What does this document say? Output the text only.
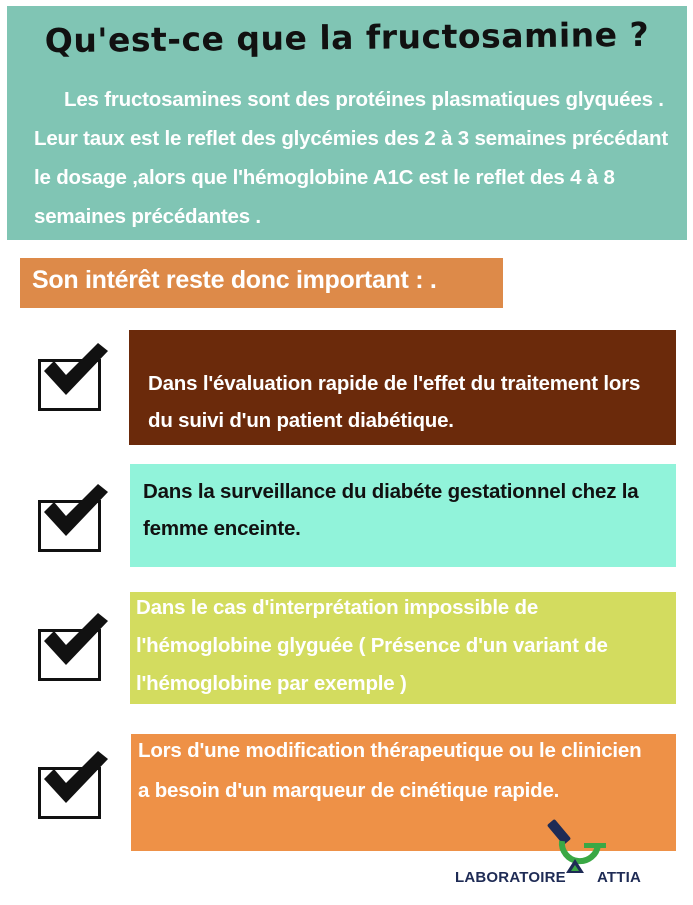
Qu'est-ce que la fructosamine ?
Les fructosamines sont des protéines plasmatiques glyquées . Leur taux est le reflet des glycémies des 2 à 3 semaines précédant le dosage ,alors que l'hémoglobine A1C est le reflet des 4 à 8 semaines précédantes .
Son intérêt reste donc important : .
Dans l'évaluation rapide de l'effet du traitement lors du suivi d'un patient diabétique.
Dans la surveillance du diabéte gestationnel chez la femme enceinte.
Dans le cas d'interprétation impossible de l'hémoglobine glyguée ( Présence d'un variant de l'hémoglobine par exemple )
Lors d'une modification thérapeutique ou le clinicien a besoin d'un marqueur de cinétique rapide.
LABORATOIRE ATTIA
